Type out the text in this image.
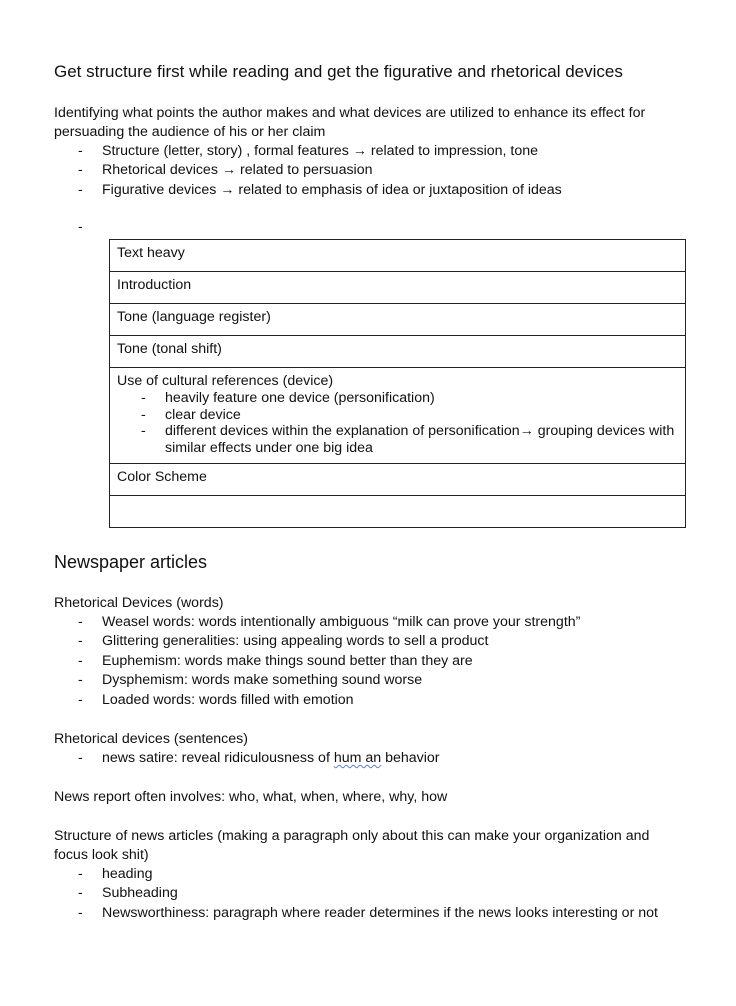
Get structure first while reading and get the figurative and rhetorical devices
Identifying what points the author makes and what devices are utilized to enhance its effect for persuading the audience of his or her claim
- Structure (letter, story) , formal features → related to impression, tone
- Rhetorical devices → related to persuasion
- Figurative devices → related to emphasis of idea or juxtaposition of ideas
-
Text heavy
Introduction
Tone (language register)
Tone (tonal shift)

Use of cultural references (device)
- heavily feature one device (personification)
- clear device
- different devices within the explanation of personification→ grouping devices with similar effects under one big idea

Color Scheme

Newspaper articles
Rhetorical Devices (words)
- Weasel words: words intentionally ambiguous “milk can prove your strength”
- Glittering generalities: using appealing words to sell a product
- Euphemism: words make things sound better than they are
- Dysphemism: words make something sound worse
- Loaded words: words filled with emotion
Rhetorical devices (sentences)
- news satire: reveal ridiculousness of hum an behavior
News report often involves: who, what, when, where, why, how
Structure of news articles (making a paragraph only about this can make your organization and focus look shit)
- heading
- Subheading
- Newsworthiness: paragraph where reader determines if the news looks interesting or not
